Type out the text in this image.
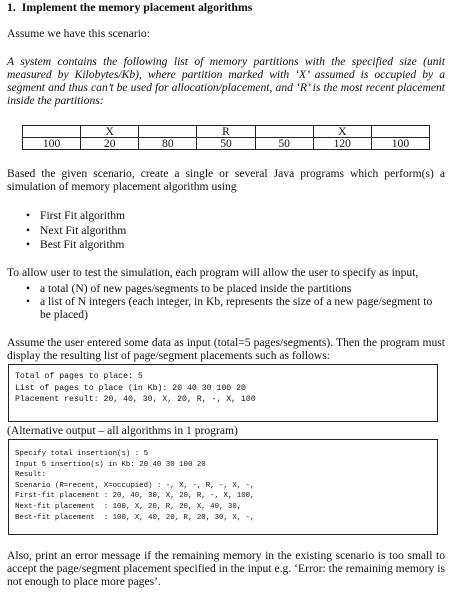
1.  Implement the memory placement algorithms

Assume we have this scenario:

A system contains the following list of memory partitions with the specified size (unit measured by Kilobytes/Kb), where partition marked with ‘X’ assumed is occupied by a segment and thus can’t be used for allocation/placement, and ‘R’ is the most recent placement inside the partitions:

	X		R		X	
100	20	80	50	50	120	100

Based the given scenario, create a single or several Java programs which perform(s) a simulation of memory placement algorithm using

• First Fit algorithm
• Next Fit algorithm
• Best Fit algorithm

To allow user to test the simulation, each program will allow the user to specify as input,

• a total (N) of new pages/segments to be placed inside the partitions
• a list of N integers (each integer, in Kb, represents the size of a new page/segment to be placed)

Assume the user entered some data as input (total=5 pages/segments). Then the program must display the resulting list of page/segment placements such as follows:

Total of pages to place: 5
List of pages to place (in Kb): 20 40 30 100 20
Placement result: 20, 40, 30, X, 20, R, -, X, 100

(Alternative output – all algorithms in 1 program)

Specify total insertion(s) : 5
Input 5 insertion(s) in Kb: 20 40 30 100 20
Result:
Scenario (R=recent, X=occupied) : -, X, -, R, -, X, -,
First-fit placement : 20, 40, 30, X, 20, R, -, X, 100,
Next-fit placement  : 100, X, 20, R, 20, X, 40, 30,
Best-fit placement  : 100, X, 40, 20, R, 20, 30, X, -,

Also, print an error message if the remaining memory in the existing scenario is too small to accept the page/segment placement specified in the input e.g. ‘Error: the remaining memory is not enough to place more pages’.
